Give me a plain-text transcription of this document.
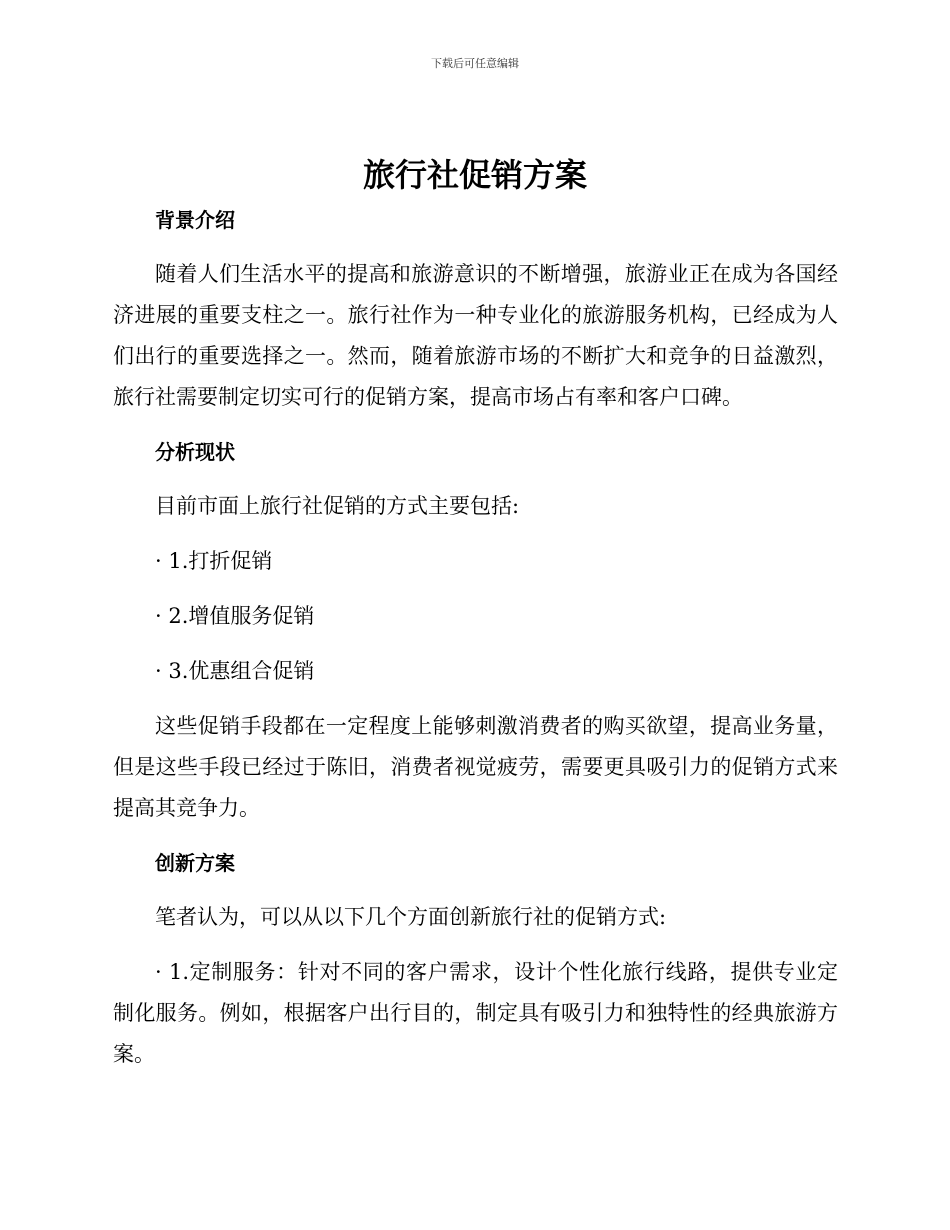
下载后可任意编辑
旅行社促销方案

背景介绍

随着人们生活水平的提高和旅游意识的不断增强，旅游业正在成为各国经济进展的重要支柱之一。旅行社作为一种专业化的旅游服务机构，已经成为人们出行的重要选择之一。然而，随着旅游市场的不断扩大和竞争的日益激烈，旅行社需要制定切实可行的促销方案，提高市场占有率和客户口碑。

分析现状

目前市面上旅行社促销的方式主要包括:

· 1.打折促销

· 2.增值服务促销

· 3.优惠组合促销

这些促销手段都在一定程度上能够刺激消费者的购买欲望，提高业务量，但是这些手段已经过于陈旧，消费者视觉疲劳，需要更具吸引力的促销方式来提高其竞争力。

创新方案

笔者认为，可以从以下几个方面创新旅行社的促销方式:

· 1.定制服务：针对不同的客户需求，设计个性化旅行线路，提供专业定制化服务。例如，根据客户出行目的，制定具有吸引力和独特性的经典旅游方案。
